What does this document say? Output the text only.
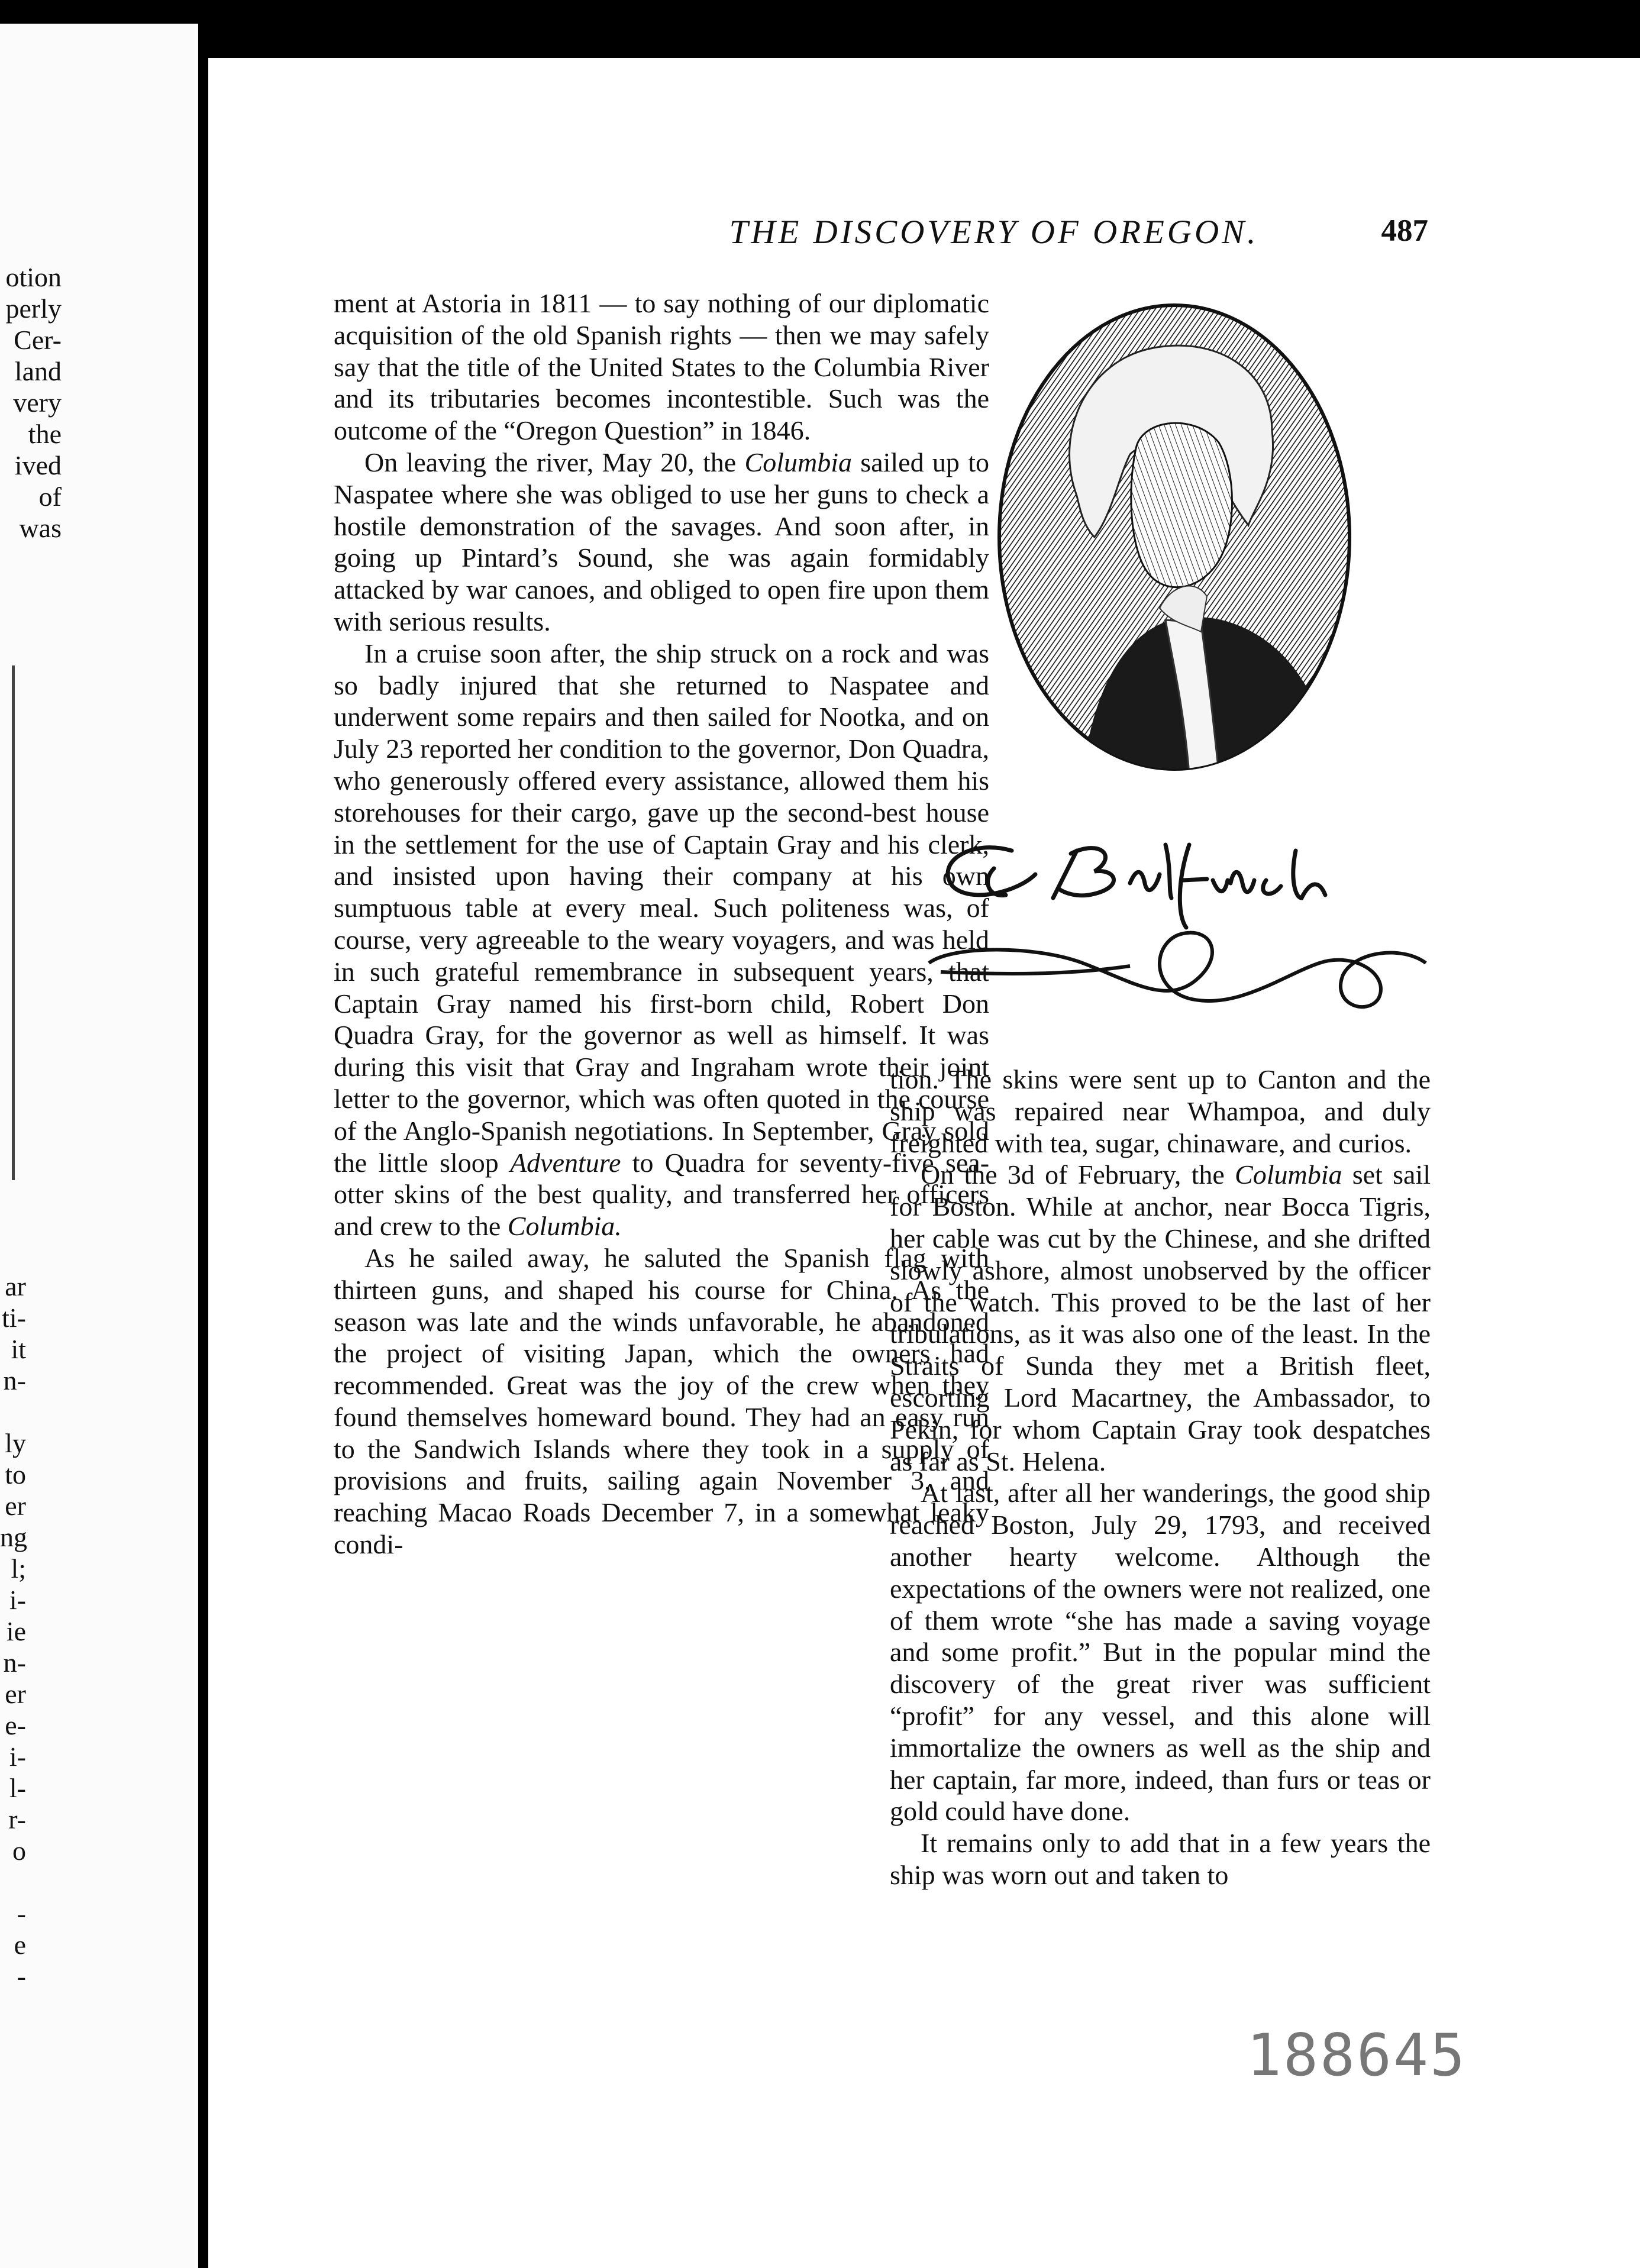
otion
perly
Cer-
land
very
the
ived
of
was
ar
ti-
it
n-

ly
to
er
ng
l;
i-
ie
n-
er
e-
i-
l-
r-
o

-
e
-
THE DISCOVERY OF OREGON.	487

ment at Astoria in 1811 — to say nothing of our diplomatic acquisition of the old Spanish rights — then we may safely say that the title of the United States to the Columbia River and its tributaries becomes incontestible. Such was the outcome of the “Oregon Question” in 1846.

On leaving the river, May 20, the Columbia sailed up to Naspatee where she was obliged to use her guns to check a hostile demonstration of the savages. And soon after, in going up Pintard’s Sound, she was again formidably attacked by war canoes, and obliged to open fire upon them with serious results.

In a cruise soon after, the ship struck on a rock and was so badly injured that she returned to Naspatee and underwent some repairs and then sailed for Nootka, and on July 23 reported her condition to the governor, Don Quadra, who generously offered every assistance, allowed them his storehouses for their cargo, gave up the second-best house in the settlement for the use of Captain Gray and his clerk, and insisted upon having their company at his own sumptuous table at every meal. Such politeness was, of course, very agreeable to the weary voyagers, and was held in such grateful remembrance in subsequent years, that Captain Gray named his first-born child, Robert Don Quadra Gray, for the governor as well as himself. It was during this visit that Gray and Ingraham wrote their joint letter to the governor, which was often quoted in the course of the Anglo-Spanish negotiations. In September, Gray sold the little sloop Adventure to Quadra for seventy-five sea-otter skins of the best quality, and transferred her officers and crew to the Columbia.

As he sailed away, he saluted the Spanish flag with thirteen guns, and shaped his course for China. As the season was late and the winds unfavorable, he abandoned the project of visiting Japan, which the owners had recommended. Great was the joy of the crew when they found themselves homeward bound. They had an easy run to the Sandwich Islands where they took in a supply of provisions and fruits, sailing again November 3, and reaching Macao Roads December 7, in a somewhat leaky condi-

tion. The skins were sent up to Canton and the ship was repaired near Whampoa, and duly freighted with tea, sugar, chinaware, and curios.

On the 3d of February, the Columbia set sail for Boston. While at anchor, near Bocca Tigris, her cable was cut by the Chinese, and she drifted slowly ashore, almost unobserved by the officer of the watch. This proved to be the last of her tribulations, as it was also one of the least. In the Straits of Sunda they met a British fleet, escorting Lord Macartney, the Ambassador, to Pekin, for whom Captain Gray took despatches as far as St. Helena.

At last, after all her wanderings, the good ship reached Boston, July 29, 1793, and received another hearty welcome. Although the expectations of the owners were not realized, one of them wrote “she has made a saving voyage and some profit.” But in the popular mind the discovery of the great river was sufficient “profit” for any vessel, and this alone will immortalize the owners as well as the ship and her captain, far more, indeed, than furs or teas or gold could have done.

It remains only to add that in a few years the ship was worn out and taken to

188645
